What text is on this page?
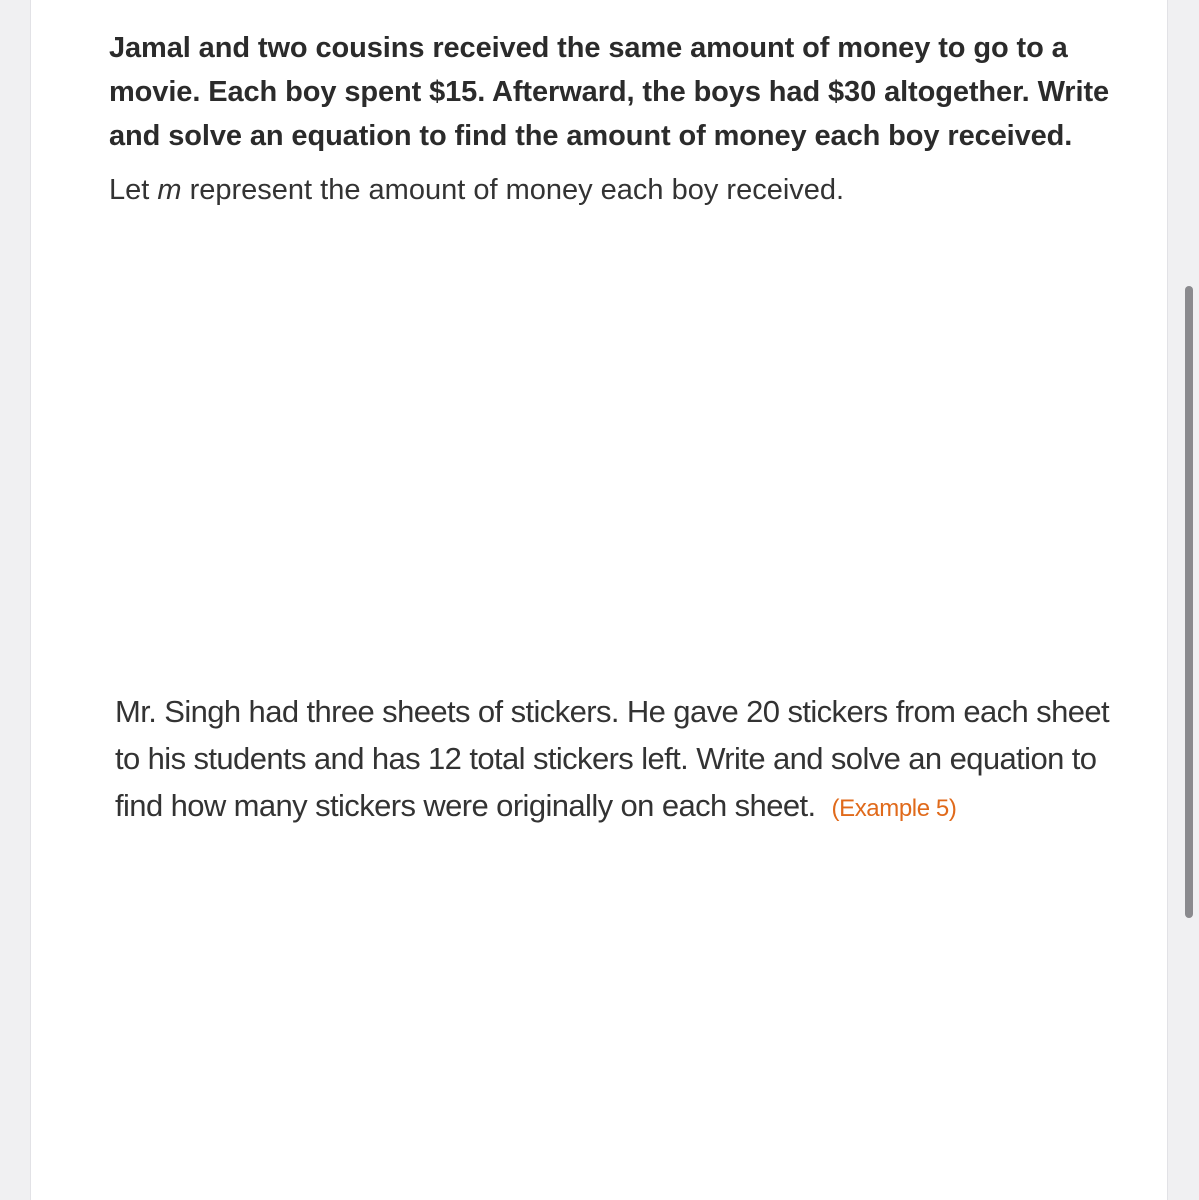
Jamal and two cousins received the same amount of money to go to a movie. Each boy spent $15. Afterward, the boys had $30 altogether. Write and solve an equation to find the amount of money each boy received.

Let m represent the amount of money each boy received.

Mr. Singh had three sheets of stickers. He gave 20 stickers from each sheet to his students and has 12 total stickers left. Write and solve an equation to find how many stickers were originally on each sheet. (Example 5)
